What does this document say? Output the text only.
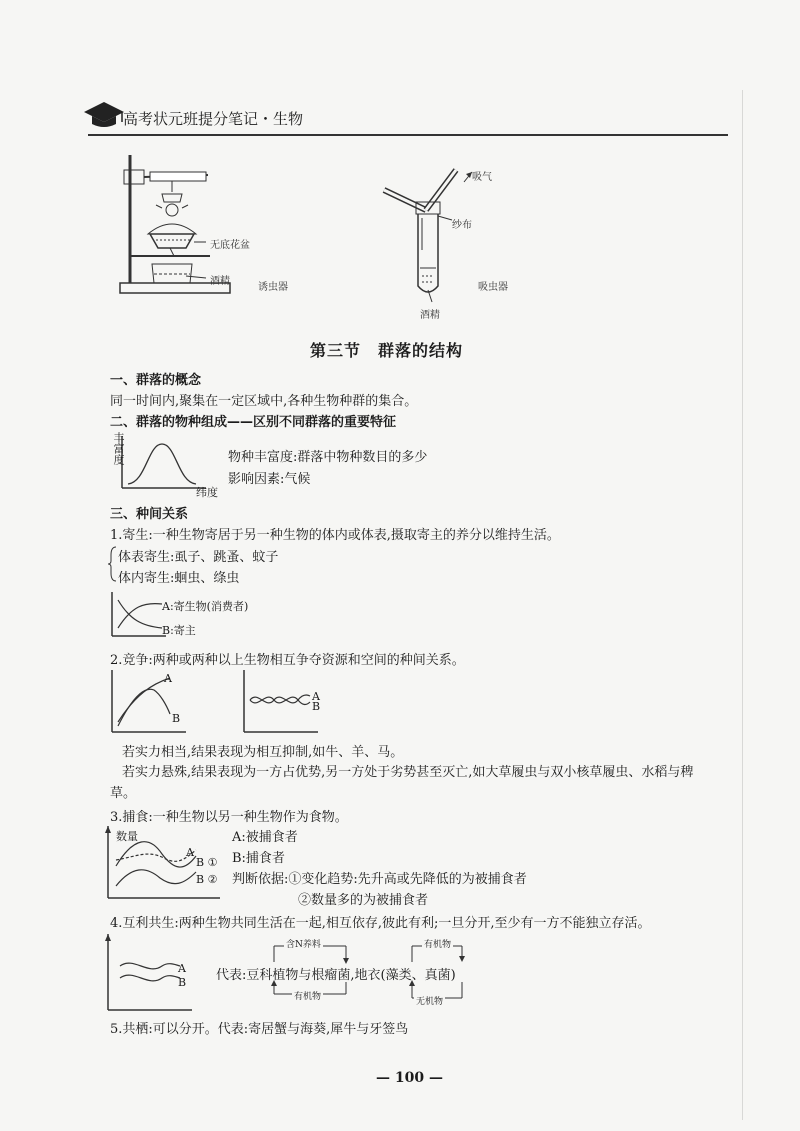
高考状元班提分笔记・生物
无底花盆
酒精
诱虫器
吸气
纱布
酒精
吸虫器
第三节　群落的结构
一、群落的概念
同一时间内,聚集在一定区域中,各种生物种群的集合。
二、群落的物种组成——区别不同群落的重要特征
丰富度
纬度
物种丰富度:群落中物种数目的多少
影响因素:气候
三、种间关系
1.寄生:一种生物寄居于另一种生物的体内或体表,摄取寄主的养分以维持生活。
体表寄生:虱子、跳蚤、蚊子
体内寄生:蛔虫、绦虫
A:寄生物(消费者)
B:寄主
2.竞争:两种或两种以上生物相互争夺资源和空间的种间关系。
A
B
A
B
若实力相当,结果表现为相互抑制,如牛、羊、马。
若实力悬殊,结果表现为一方占优势,另一方处于劣势甚至灭亡,如大草履虫与双小核草履虫、水稻与稗草。
3.捕食:一种生物以另一种生物作为食物。
数量
A
B ①
B ②
A:被捕食者
B:捕食者
判断依据:①变化趋势:先升高或先降低的为被捕食者
②数量多的为被捕食者
4.互利共生:两种生物共同生活在一起,相互依存,彼此有利;一旦分开,至少有一方不能独立存活。
A
B
含N养料
有机物
有机物
无机物
代表:豆科植物与根瘤菌,地衣(藻类、真菌)
5.共栖:可以分开。代表:寄居蟹与海葵,犀牛与牙签鸟
— 100 —
